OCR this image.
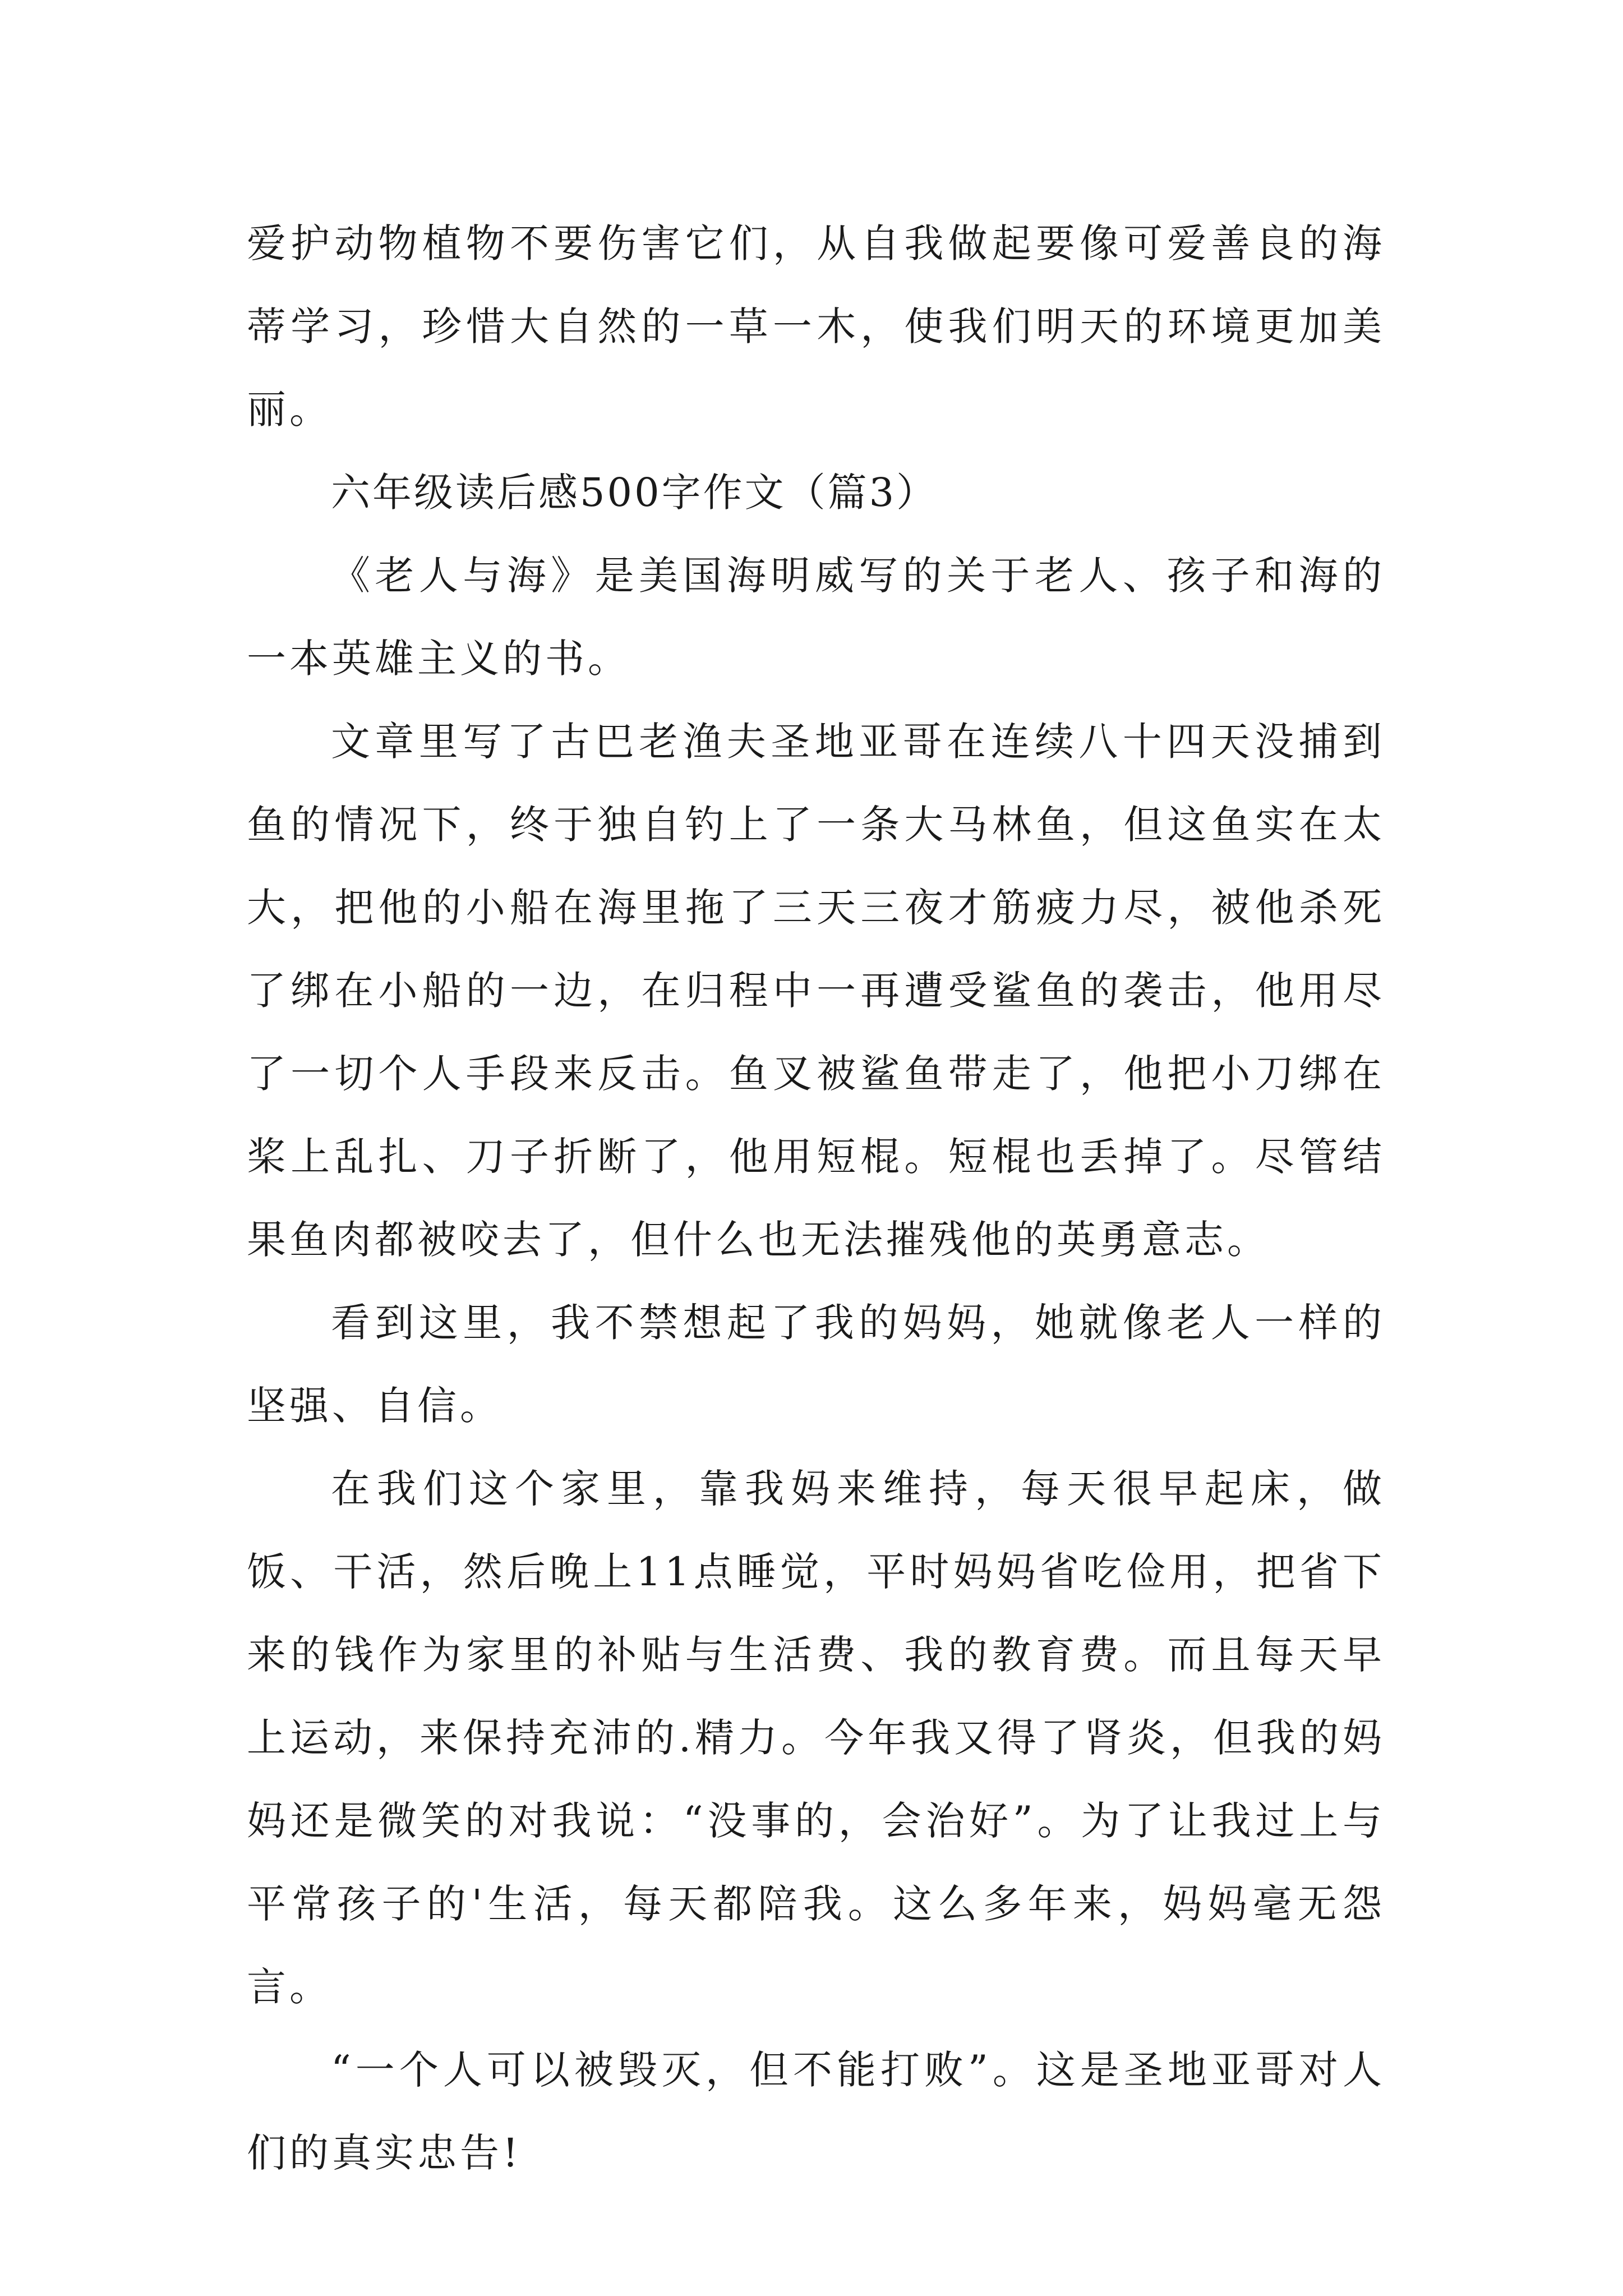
爱护动物植物不要伤害它们，从自我做起要像可爱善良的海蒂学习，珍惜大自然的一草一木，使我们明天的环境更加美丽。

六年级读后感500字作文（篇3）

《老人与海》是美国海明威写的关于老人、孩子和海的一本英雄主义的书。

文章里写了古巴老渔夫圣地亚哥在连续八十四天没捕到鱼的情况下，终于独自钓上了一条大马林鱼，但这鱼实在太大，把他的小船在海里拖了三天三夜才筋疲力尽，被他杀死了绑在小船的一边，在归程中一再遭受鲨鱼的袭击，他用尽了一切个人手段来反击。鱼叉被鲨鱼带走了，他把小刀绑在桨上乱扎、刀子折断了，他用短棍。短棍也丢掉了。尽管结果鱼肉都被咬去了，但什么也无法摧残他的英勇意志。

看到这里，我不禁想起了我的妈妈，她就像老人一样的坚强、自信。

在我们这个家里，靠我妈来维持，每天很早起床，做饭、干活，然后晚上11点睡觉，平时妈妈省吃俭用，把省下来的钱作为家里的补贴与生活费、我的教育费。而且每天早上运动，来保持充沛的.精力。今年我又得了肾炎，但我的妈妈还是微笑的对我说：“没事的，会治好”。为了让我过上与平常孩子的'生活，每天都陪我。这么多年来，妈妈毫无怨言。

“一个人可以被毁灭，但不能打败”。这是圣地亚哥对人们的真实忠告!
